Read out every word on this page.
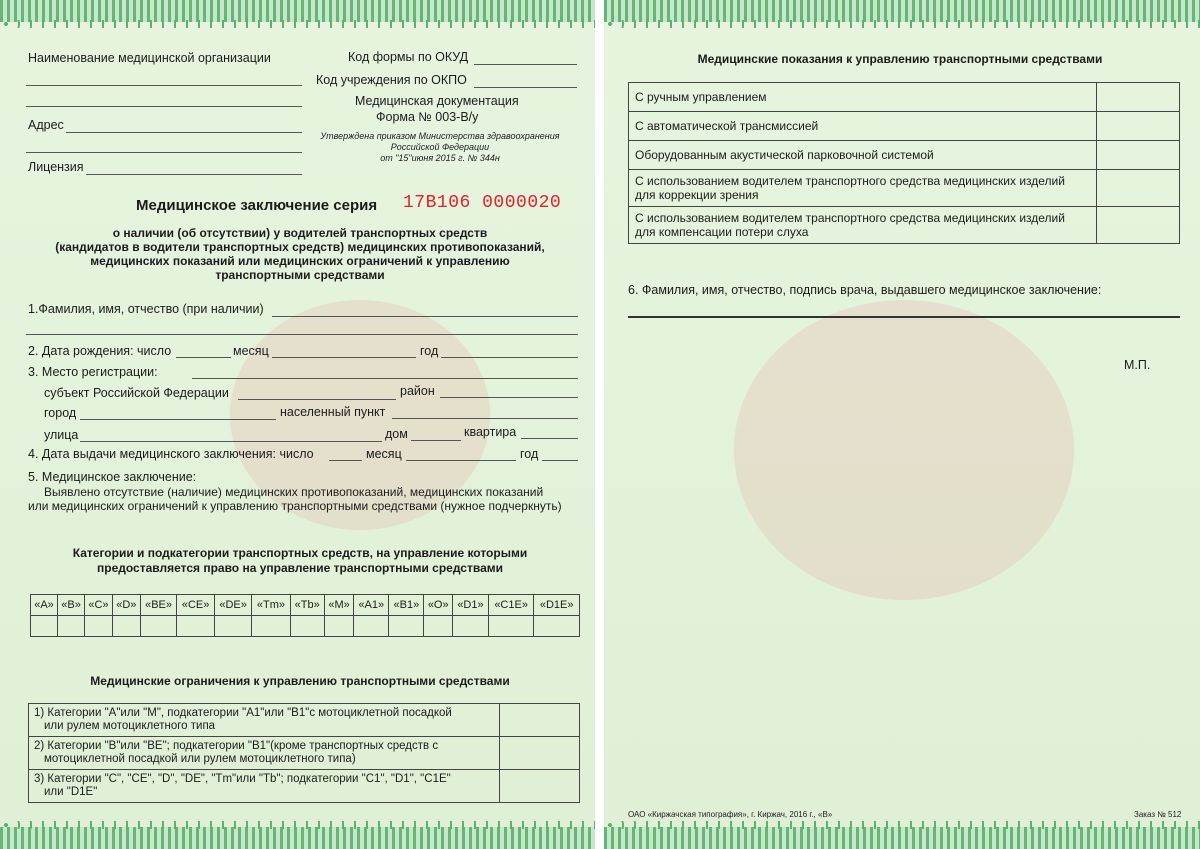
Наименование медицинской организации	Код формы по ОКУД
Код учреждения по ОКПО
Медицинская документация
Форма № 003-В/у
Утверждена приказом Министерства здравоохранения
Российской Федерации
от "15"июня 2015 г. № 344н
Адрес
Лицензия
Медицинское заключение серия 17В106 0000020
о наличии (об отсутствии) у водителей транспортных средств
(кандидатов в водители транспортных средств) медицинских противопоказаний,
медицинских показаний или медицинских ограничений к управлению
транспортными средствами
1.Фамилия, имя, отчество (при наличии)
2. Дата рождения: число	месяц	год
3. Место регистрации:
субъект Российской Федерации	район
город	населенный пункт
улица	дом	квартира
4. Дата выдачи медицинского заключения: число	месяц	год
5. Медицинское заключение:
Выявлено отсутствие (наличие) медицинских противопоказаний, медицинских показаний
или медицинских ограничений к управлению транспортными средствами (нужное подчеркнуть)
Категории и подкатегории транспортных средств, на управление которыми
предоставляется право на управление транспортными средствами
«A»	«B»	«C»	«D»	«BE»	«CE»	«DE»	«Tm»	«Tb»	«M»	«A1»	«B1»	«O»	«D1»	«C1E»	«D1E»

Медицинские ограничения к управлению транспортными средствами
1) Категории "A"или "M", подкатегории "A1"или "B1"с мотоциклетной посадкой
или рулем мотоциклетного типа	
2) Категории "B"или "BE"; подкатегории "B1"(кроме транспортных средств с
мотоциклетной посадкой или рулем мотоциклетного типа)	
3) Категории "C", "CE", "D", "DE", "Tm"или "Tb"; подкатегории "C1", "D1", "C1E"
или "D1E"	
Медицинские показания к управлению транспортными средствами
С ручным управлением	
С автоматической трансмиссией	
Оборудованным акустической парковочной системой	
С использованием водителем транспортного средства медицинских изделий
для коррекции зрения	
С использованием водителем транспортного средства медицинских изделий
для компенсации потери слуха	
6. Фамилия, имя, отчество, подпись врача, выдавшего медицинское заключение:
М.П.
ОАО «Киржачская типография», г. Киржач, 2016 г., «В»	Заказ № 512
